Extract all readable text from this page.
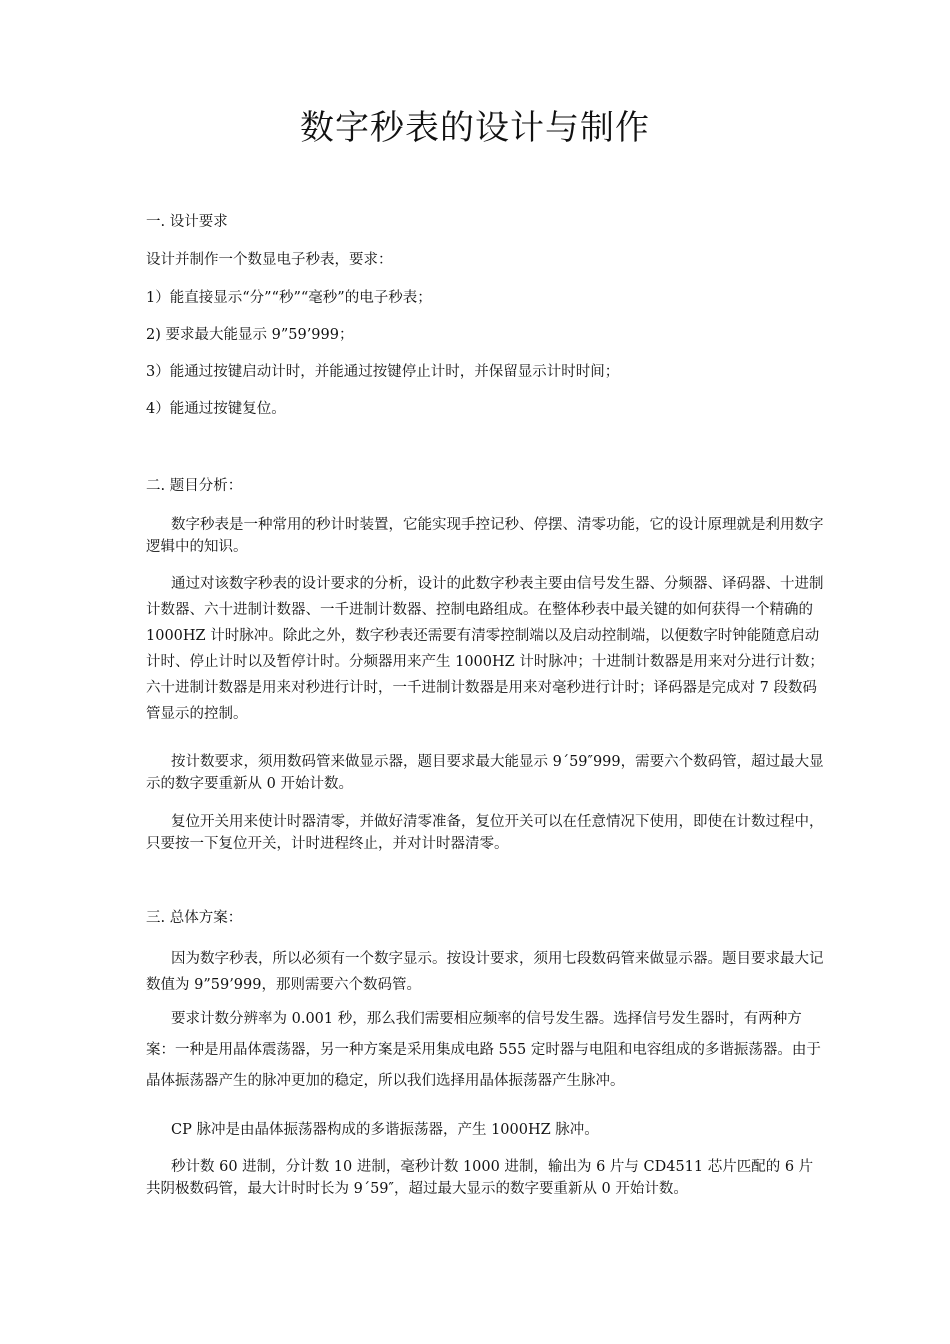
数字秒表的设计与制作

一. 设计要求

设计并制作一个数显电子秒表，要求：

1）能直接显示“分”“秒”“毫秒”的电子秒表；

2) 要求最大能显示 9”59’999；

3）能通过按键启动计时，并能通过按键停止计时，并保留显示计时时间；

4）能通过按键复位。

二. 题目分析：

数字秒表是一种常用的秒计时装置，它能实现手控记秒、停摆、清零功能，它的设计原理就是利用数字逻辑中的知识。

通过对该数字秒表的设计要求的分析，设计的此数字秒表主要由信号发生器、分频器、译码器、十进制计数器、六十进制计数器、一千进制计数器、控制电路组成。在整体秒表中最关键的如何获得一个精确的 1000HZ 计时脉冲。除此之外，数字秒表还需要有清零控制端以及启动控制端，以便数字时钟能随意启动计时、停止计时以及暂停计时。分频器用来产生 1000HZ 计时脉冲；十进制计数器是用来对分进行计数；六十进制计数器是用来对秒进行计时，一千进制计数器是用来对毫秒进行计时；译码器是完成对 7 段数码管显示的控制。

按计数要求，须用数码管来做显示器，题目要求最大能显示 9´59″999，需要六个数码管，超过最大显示的数字要重新从 0 开始计数。

复位开关用来使计时器清零，并做好清零准备，复位开关可以在任意情况下使用，即使在计数过程中，只要按一下复位开关，计时进程终止，并对计时器清零。

三. 总体方案：

因为数字秒表，所以必须有一个数字显示。按设计要求，须用七段数码管来做显示器。题目要求最大记数值为 9”59’999，那则需要六个数码管。

要求计数分辨率为 0.001 秒，那么我们需要相应频率的信号发生器。选择信号发生器时，有两种方案：一种是用晶体震荡器，另一种方案是采用集成电路 555 定时器与电阻和电容组成的多谐振荡器。由于晶体振荡器产生的脉冲更加的稳定，所以我们选择用晶体振荡器产生脉冲。

CP 脉冲是由晶体振荡器构成的多谐振荡器，产生 1000HZ 脉冲。

秒计数 60 进制，分计数 10 进制，毫秒计数 1000 进制，输出为 6 片与 CD4511 芯片匹配的 6 片共阴极数码管，最大计时时长为 9´59″，超过最大显示的数字要重新从 0 开始计数。
